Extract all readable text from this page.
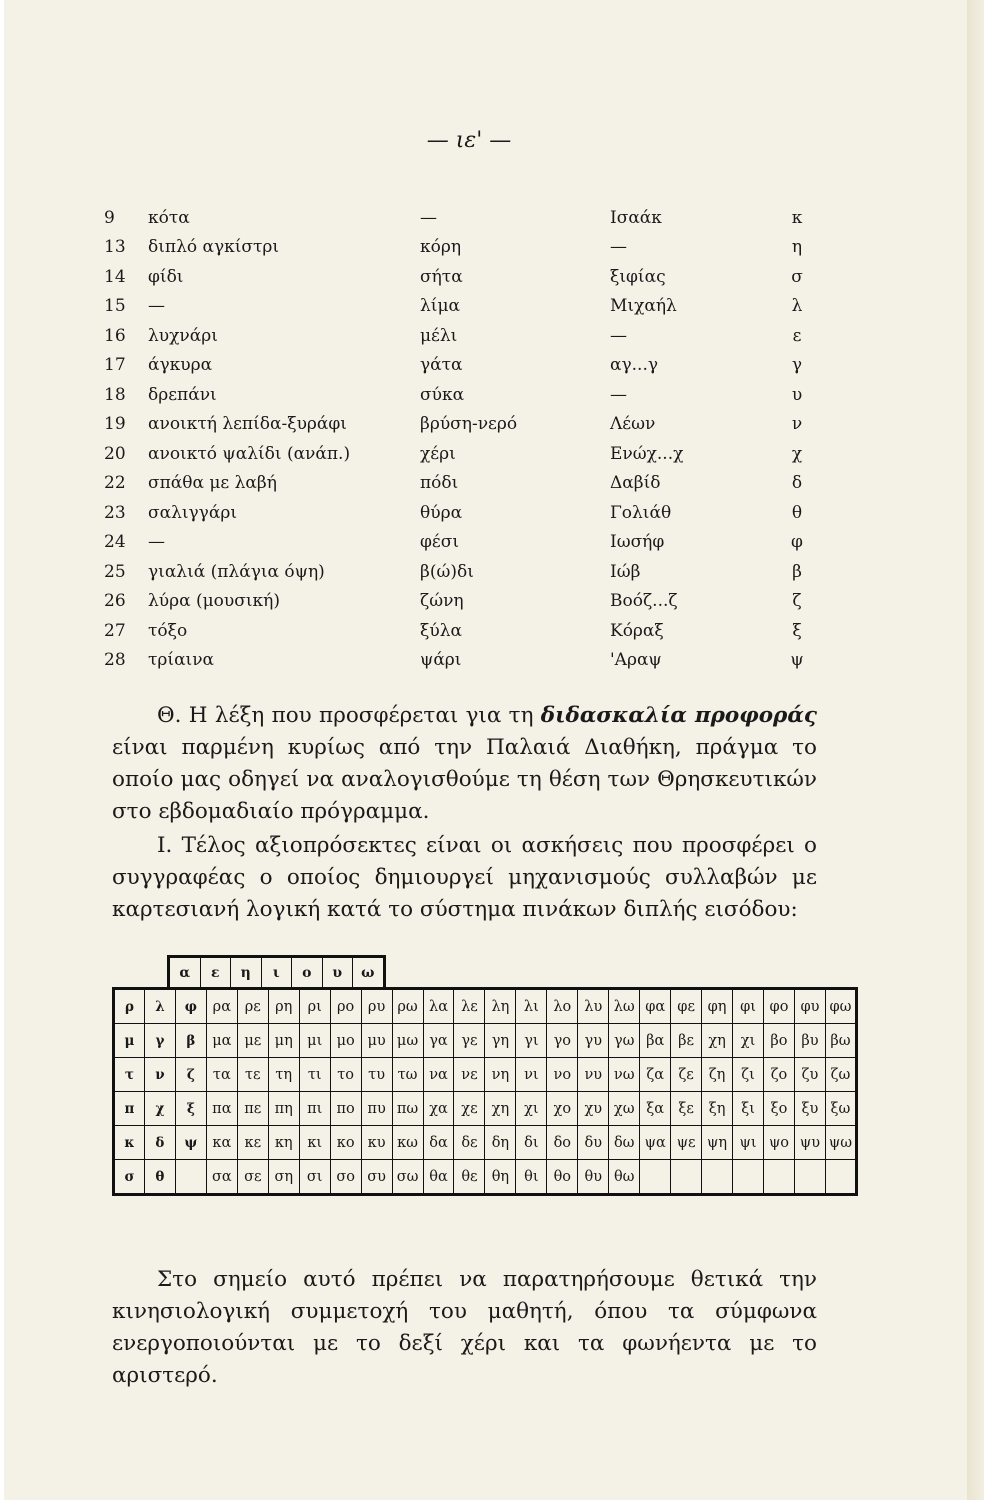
— ιε' —
9	κότα	—	Ισαάκ	κ
13	διπλό αγκίστρι	κόρη	—	η
14	φίδι	σήτα	ξιφίας	σ
15	—	λίμα	Μιχαήλ	λ
16	λυχνάρι	μέλι	—	ε
17	άγκυρα	γάτα	αγ...γ	γ
18	δρεπάνι	σύκα	—	υ
19	ανοικτή λεπίδα-ξυράφι	βρύση-νερό	Λέων	ν
20	ανοικτό ψαλίδι (ανάπ.)	χέρι	Ενώχ...χ	χ
22	σπάθα με λαβή	πόδι	Δαβίδ	δ
23	σαλιγγάρι	θύρα	Γολιάθ	θ
24	—	φέσι	Ιωσήφ	φ
25	γιαλιά (πλάγια όψη)	β(ώ)δι	Ιώβ	β
26	λύρα (μουσική)	ζώνη	Βοόζ...ζ	ζ
27	τόξο	ξύλα	Κόραξ	ξ
28	τρίαινα	ψάρι	'Αραψ	ψ
Θ. Η λέξη που προσφέρεται για τη διδασκαλία προφοράς είναι παρμένη κυρίως από την Παλαιά Διαθήκη, πράγμα το οποίο μας οδηγεί να αναλογισθούμε τη θέση των Θρησκευτικών στο εβδομαδιαίο πρόγραμμα.
Ι. Τέλος αξιοπρόσεκτες είναι οι ασκήσεις που προσφέρει ο συγγραφέας ο οποίος δημιουργεί μηχανισμούς συλλαβών με καρτεσιανή λογική κατά το σύστημα πινάκων διπλής εισόδου:
α	ε	η	ι	ο	υ	ω
ρ	λ	φ	ρα	ρε	ρη	ρι	ρο	ρυ	ρω	λα	λε	λη	λι	λο	λυ	λω	φα	φε	φη	φι	φο	φυ	φω
μ	γ	β	μα	με	μη	μι	μο	μυ	μω	γα	γε	γη	γι	γο	γυ	γω	βα	βε	χη	χι	βο	βυ	βω
τ	ν	ζ	τα	τε	τη	τι	το	τυ	τω	να	νε	νη	νι	νο	νυ	νω	ζα	ζε	ζη	ζι	ζο	ζυ	ζω
π	χ	ξ	πα	πε	πη	πι	πο	πυ	πω	χα	χε	χη	χι	χο	χυ	χω	ξα	ξε	ξη	ξι	ξο	ξυ	ξω
κ	δ	ψ	κα	κε	κη	κι	κο	κυ	κω	δα	δε	δη	δι	δο	δυ	δω	ψα	ψε	ψη	ψι	ψο	ψυ	ψω
σ	θ		σα	σε	ση	σι	σο	συ	σω	θα	θε	θη	θι	θο	θυ	θω							
Στο σημείο αυτό πρέπει να παρατηρήσουμε θετικά την κινησιολογική συμμετοχή του μαθητή, όπου τα σύμφωνα ενεργοποιούνται με το δεξί χέρι και τα φωνήεντα με το αριστερό.
